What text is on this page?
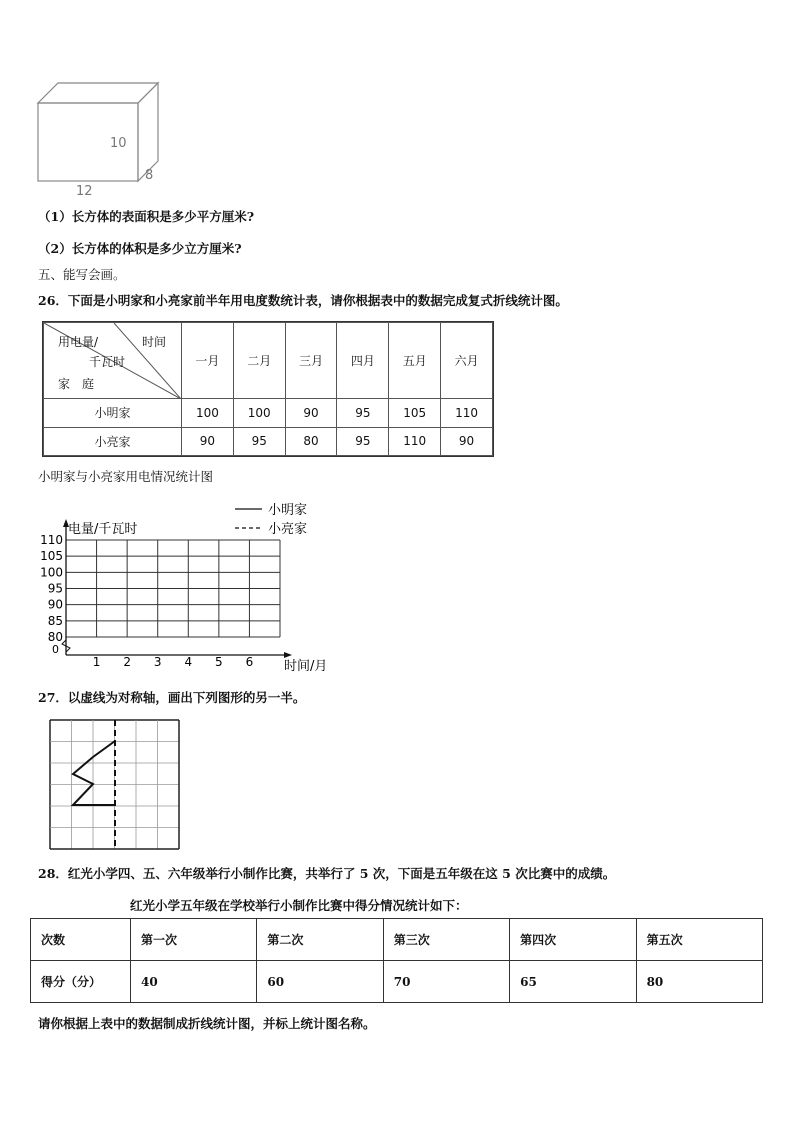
10
8
12
（1）长方体的表面积是多少平方厘米?
（2）长方体的体积是多少立方厘米?
五、能写会画。
26．下面是小明家和小亮家前半年用电度数统计表，请你根据表中的数据完成复式折线统计图。
用电量/ 时间
千瓦时
家　庭	一月	二月	三月	四月	五月	六月
小明家	100	100	90	95	105	110
小亮家	90	95	80	95	110	90
小明家与小亮家用电情况统计图
110
105
100
95
90
85
80
0
1 2 3 4 5 6
电量/千瓦时
时间/月
小明家
小亮家
27．以虚线为对称轴，画出下列图形的另一半。
28．红光小学四、五、六年级举行小制作比赛，共举行了 5 次，下面是五年级在这 5 次比赛中的成绩。
红光小学五年级在学校举行小制作比赛中得分情况统计如下：
次数	第一次	第二次	第三次	第四次	第五次
得分（分）	40	60	70	65	80
请你根据上表中的数据制成折线统计图，并标上统计图名称。
